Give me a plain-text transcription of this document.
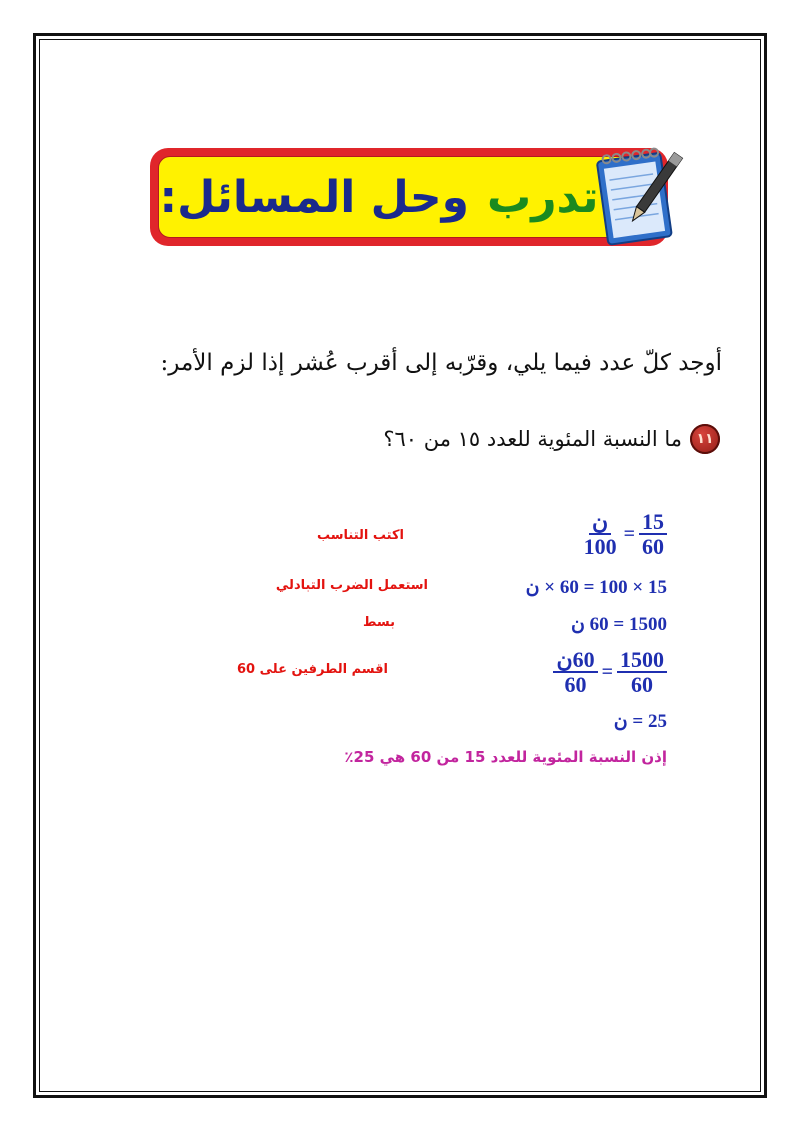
تدرب
وحل المسائل:
أوجد كلّ عدد فيما يلي، وقرّبه إلى أقرب عُشر إذا لزم الأمر:
١١
ما النسبة المئوية للعدد ١٥ من ٦٠؟
$\frac{15}{60}$
=
$\frac{\text{ن}}{100}$
اكتب التناسب
15 × 100 = 60 × ن
استعمل الضرب التبادلي
1500 = 60 ن
بسط
$\frac{1500}{60}$
=
$\frac{\text{60ن}}{60}$
اقسم الطرفين على 60
25 = ن
إذن النسبة المئوية للعدد 15 من 60 هي 25٪
